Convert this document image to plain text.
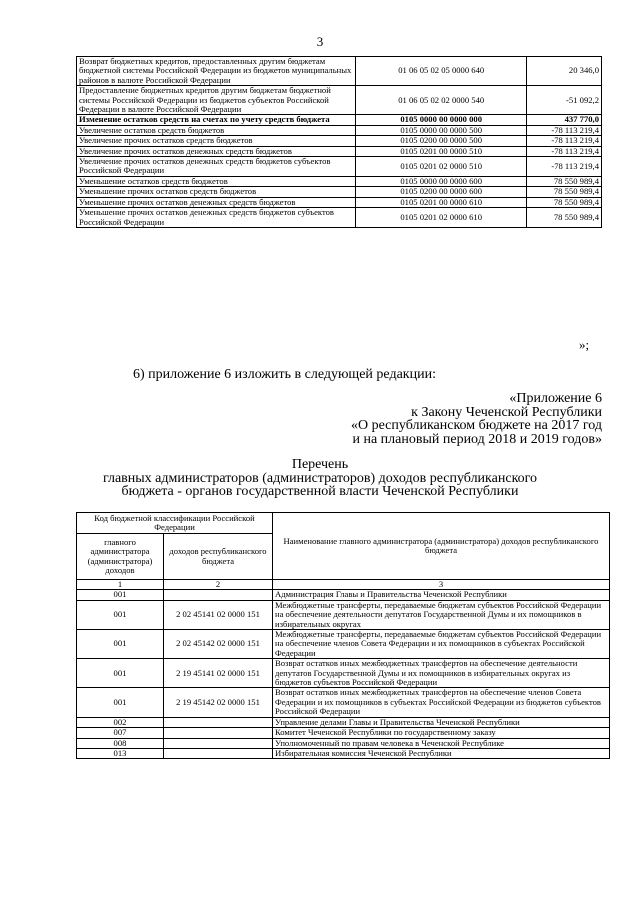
3
Возврат бюджетных кредитов, предоставленных другим бюджетам бюджетной системы Российской Федерации из бюджетов муниципальных районов в валюте Российской Федерации	01 06 05 02 05 0000 640	20 346,0
Предоставление бюджетных кредитов другим бюджетам бюджетной системы Российской Федерации из бюджетов субъектов Российской Федерации в валюте Российской Федерации	01 06 05 02 02 0000 540	-51 092,2
Изменение остатков средств на счетах по учету средств бюджета	0105 0000 00 0000 000	437 770,0
Увеличение остатков средств бюджетов	0105 0000 00 0000 500	-78 113 219,4
Увеличение прочих остатков средств бюджетов	0105 0200 00 0000 500	-78 113 219,4
Увеличение прочих остатков денежных средств бюджетов	0105 0201 00 0000 510	-78 113 219,4
Увеличение прочих остатков денежных средств бюджетов субъектов Российской Федерации	0105 0201 02 0000 510	-78 113 219,4
Уменьшение остатков средств бюджетов	0105 0000 00 0000 600	78 550 989,4
Уменьшение прочих остатков средств бюджетов	0105 0200 00 0000 600	78 550 989,4
Уменьшение прочих остатков денежных средств бюджетов	0105 0201 00 0000 610	78 550 989,4
Уменьшение прочих остатков денежных средств бюджетов субъектов Российской Федерации	0105 0201 02 0000 610	78 550 989,4
»;
6) приложение 6 изложить в следующей редакции:
«Приложение 6
к Закону Чеченской Республики
«О республиканском бюджете на 2017 год
и на плановый период 2018 и 2019 годов»
Перечень
главных администраторов (администраторов) доходов республиканского
бюджета - органов государственной власти Чеченской Республики
Код бюджетной классификации Российской Федерации		Наименование главного администратора (администратора) доходов республиканского бюджета
главного администратора (администратора) доходов	доходов республиканского бюджета	
1	2	3
001		Администрация Главы и Правительства Чеченской Республики
001	2 02 45141 02 0000 151	Межбюджетные трансферты, передаваемые бюджетам субъектов Российской Федерации на обеспечение деятельности депутатов Государственной Думы и их помощников в избирательных округах
001	2 02 45142 02 0000 151	Межбюджетные трансферты, передаваемые бюджетам субъектов Российской Федерации на обеспечение членов Совета Федерации и их помощников в субъектах Российской Федерации
001	2 19 45141 02 0000 151	Возврат остатков иных межбюджетных трансфертов на обеспечение деятельности депутатов Государственной Думы и их помощников в избирательных округах из бюджетов субъектов Российской Федерации
001	2 19 45142 02 0000 151	Возврат остатков иных межбюджетных трансфертов на обеспечение членов Совета Федерации и их помощников в субъектах Российской Федерации из бюджетов субъектов Российской Федерации
002		Управление делами Главы и Правительства Чеченской Республики
007		Комитет Чеченской Республики по государственному заказу
008		Уполномоченный по правам человека в Чеченской Республике
013		Избирательная комиссия Чеченской Республики
